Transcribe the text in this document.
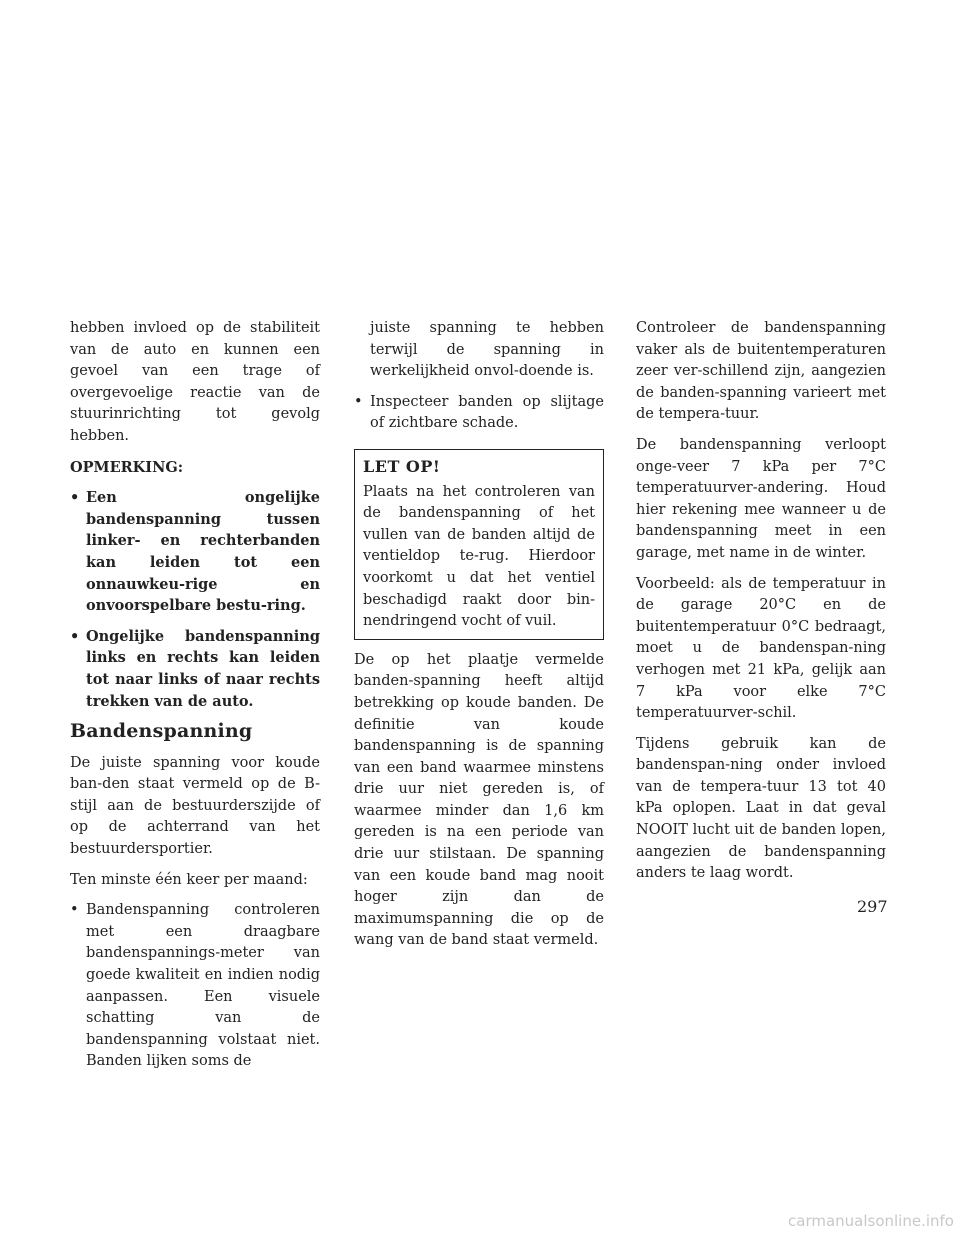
hebben invloed op de stabiliteit van de auto en kunnen een gevoel van een trage of overgevoelige reactie van de stuurinrichting tot gevolg hebben.

OPMERKING:

• Een ongelijke bandenspanning tussen linker- en rechterbanden kan leiden tot een onnauwkeu-rige en onvoorspelbare bestu-ring.
• Ongelijke bandenspanning links en rechts kan leiden tot naar links of naar rechts trekken van de auto.
Bandenspanning

De juiste spanning voor koude ban-den staat vermeld op de B-stijl aan de bestuurderszijde of op de achterrand van het bestuurdersportier.

Ten minste één keer per maand:

• Bandenspanning controleren met een draagbare bandenspannings-meter van goede kwaliteit en indien nodig aanpassen. Een visuele schatting van de bandenspanning volstaat niet. Banden lijken soms de
juiste spanning te hebben terwijl de spanning in werkelijkheid onvol-doende is.
• Inspecteer banden op slijtage of zichtbare schade.
LET OP!

Plaats na het controleren van de bandenspanning of het vullen van de banden altijd de ventieldop te-rug. Hierdoor voorkomt u dat het ventiel beschadigd raakt door bin-nendringend vocht of vuil.

De op het plaatje vermelde banden-spanning heeft altijd betrekking op koude banden. De definitie van koude bandenspanning is de spanning van een band waarmee minstens drie uur niet gereden is, of waarmee minder dan 1,6 km gereden is na een periode van drie uur stilstaan. De spanning van een koude band mag nooit hoger zijn dan de maximumspanning die op de wang van de band staat vermeld.

Controleer de bandenspanning vaker als de buitentemperaturen zeer ver-schillend zijn, aangezien de banden-spanning varieert met de tempera-tuur.

De bandenspanning verloopt onge-veer 7 kPa per 7°C temperatuurver-andering. Houd hier rekening mee wanneer u de bandenspanning meet in een garage, met name in de winter.

Voorbeeld: als de temperatuur in de garage 20°C en de buitentemperatuur 0°C bedraagt, moet u de bandenspan-ning verhogen met 21 kPa, gelijk aan 7 kPa voor elke 7°C temperatuurver-schil.

Tijdens gebruik kan de bandenspan-ning onder invloed van de tempera-tuur 13 tot 40 kPa oplopen. Laat in dat geval NOOIT lucht uit de banden lopen, aangezien de bandenspanning anders te laag wordt.

297
carmanualsonline.info
